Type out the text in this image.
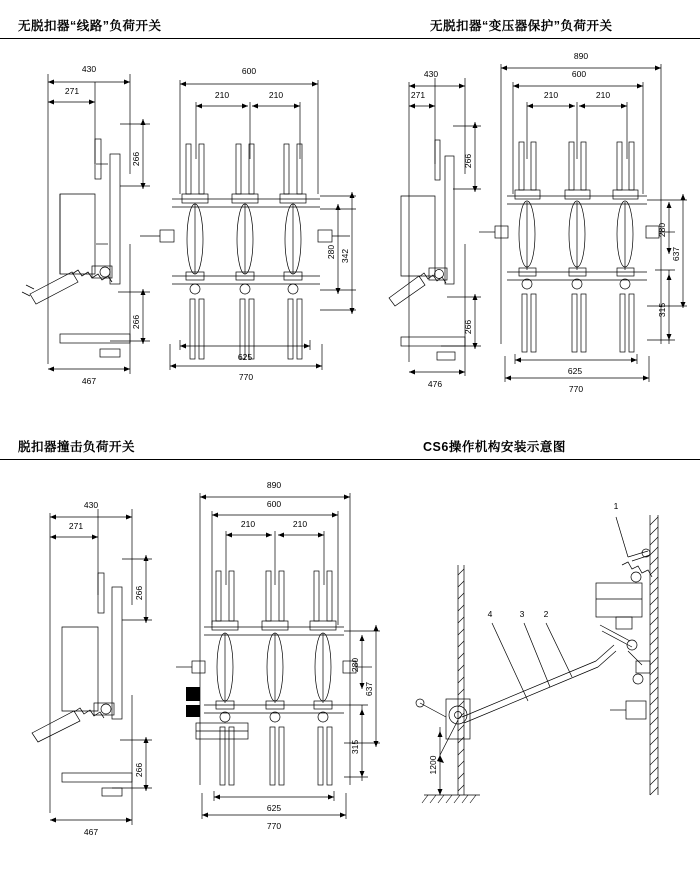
无脱扣器“线路”负荷开关	无脱扣器“变压器保护”负荷开关
脱扣器撞击负荷开关	CS6操作机构安装示意图
430
271
266
266
467
600
210	210
280 342
625
770
430
271
266
266
476
890
600
210	210
280
637
315
625
770
430
271
266
266
467
890
600
210	210
280
637
315
625
770
1
4	3 2
1200
